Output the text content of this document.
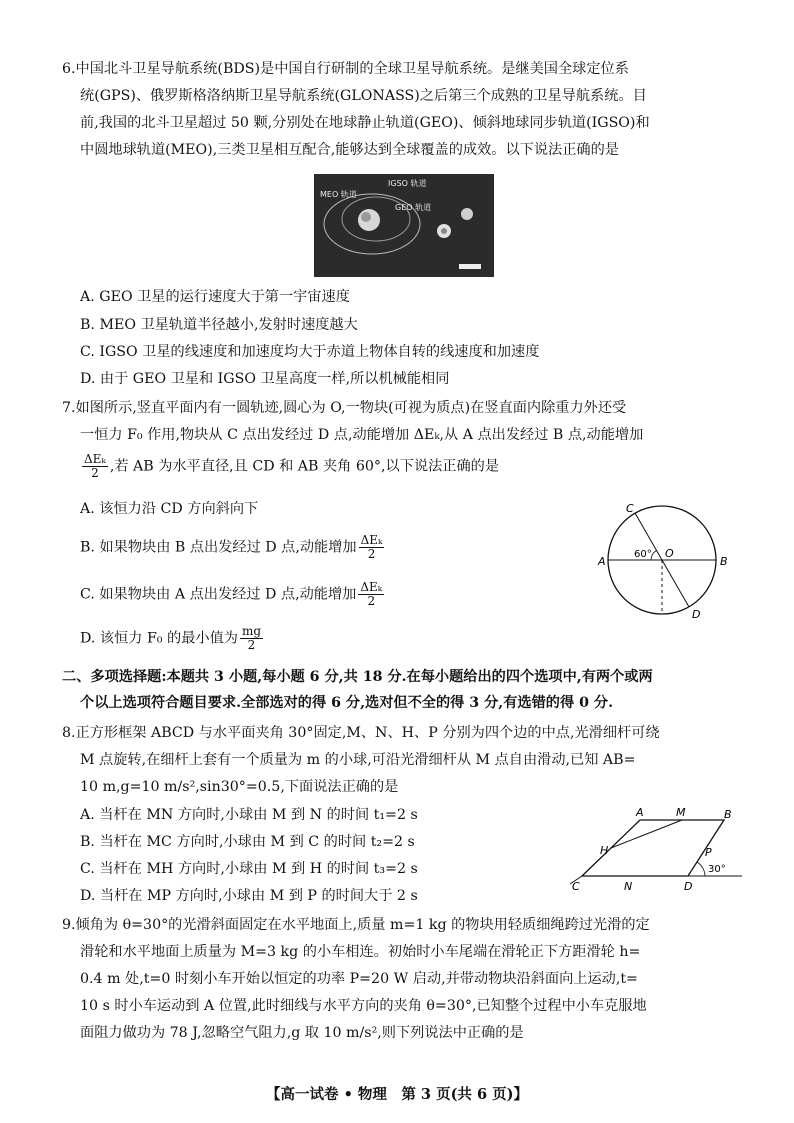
6.中国北斗卫星导航系统(BDS)是中国自行研制的全球卫星导航系统。是继美国全球定位系
统(GPS)、俄罗斯格洛纳斯卫星导航系统(GLONASS)之后第三个成熟的卫星导航系统。目
前,我国的北斗卫星超过 50 颗,分别处在地球静止轨道(GEO)、倾斜地球同步轨道(IGSO)和
中圆地球轨道(MEO),三类卫星相互配合,能够达到全球覆盖的成效。以下说法正确的是
MEO 轨道
IGSO 轨道
GEO 轨道
A. GEO 卫星的运行速度大于第一宇宙速度
B. MEO 卫星轨道半径越小,发射时速度越大
C. IGSO 卫星的线速度和加速度均大于赤道上物体自转的线速度和加速度
D. 由于 GEO 卫星和 IGSO 卫星高度一样,所以机械能相同
7.如图所示,竖直平面内有一圆轨迹,圆心为 O,一物块(可视为质点)在竖直面内除重力外还受
一恒力 F₀ 作用,物块从 C 点出发经过 D 点,动能增加 ΔEₖ,从 A 点出发经过 B 点,动能增加
$\frac{\text{ΔEₖ}}{2}$ ,若 AB 为水平直径,且 CD 和 AB 夹角 60°,以下说法正确的是
A. 该恒力沿 CD 方向斜向下
B. 如果物块由 B 点出发经过 D 点,动能增加 $\frac{\text{ΔEₖ}}{2}$
C. 如果物块由 A 点出发经过 D 点,动能增加 $\frac{\text{ΔEₖ}}{2}$
D. 该恒力 F₀ 的最小值为 $\frac{mg}{2}$
C
A	B
D
O
60°
二、多项选择题:本题共 3 小题,每小题 6 分,共 18 分.在每小题给出的四个选项中,有两个或两
个以上选项符合题目要求.全部选对的得 6 分,选对但不全的得 3 分,有选错的得 0 分.
8.正方形框架 ABCD 与水平面夹角 30°固定,M、N、H、P 分别为四个边的中点,光滑细杆可绕
M 点旋转,在细杆上套有一个质量为 m 的小球,可沿光滑细杆从 M 点自由滑动,已知 AB=
10 m,g=10 m/s²,sin30°=0.5,下面说法正确的是
A. 当杆在 MN 方向时,小球由 M 到 N 的时间 t₁=2 s
B. 当杆在 MC 方向时,小球由 M 到 C 的时间 t₂=2 s
C. 当杆在 MH 方向时,小球由 M 到 H 的时间 t₃=2 s
D. 当杆在 MP 方向时,小球由 M 到 P 的时间大于 2 s
A	M	B
H	P
C	N	D
30°
9.倾角为 θ=30°的光滑斜面固定在水平地面上,质量 m=1 kg 的物块用轻质细绳跨过光滑的定
滑轮和水平地面上质量为 M=3 kg 的小车相连。初始时小车尾端在滑轮正下方距滑轮 h=
0.4 m 处,t=0 时刻小车开始以恒定的功率 P=20 W 启动,并带动物块沿斜面向上运动,t=
10 s 时小车运动到 A 位置,此时细线与水平方向的夹角 θ=30°,已知整个过程中小车克服地
面阻力做功为 78 J,忽略空气阻力,g 取 10 m/s²,则下列说法中正确的是
【高一试卷 • 物理　第 3 页(共 6 页)】
